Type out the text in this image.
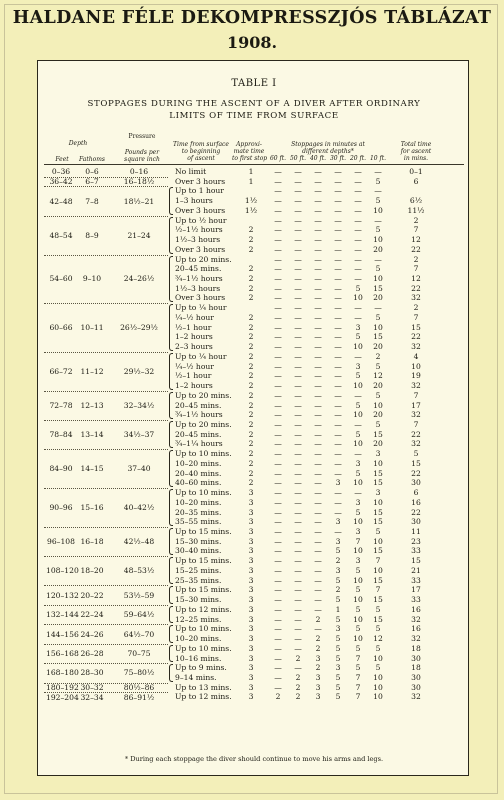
HALDANE FÉLE DEKOMPRESSZJÓS TÁBLÁZAT
1908.
TABLE I
STOPPAGES DURING THE ASCENT OF A DIVER AFTER ORDINARY
LIMITS OF TIME FROM SURFACE
Depth
Feet	Fathoms
Pressure
Pounds per
square inch
Time from surface
to beginning
of ascent
Approxi-
mate time
to first stop
Stoppages in minutes at
different depths*
60 ft. 50 ft. 40 ft. 30 ft. 20 ft. 10 ft.
Total time
for ascent
in mins.
0–36	0–6	0–16	No limit	1	—	—	—	—	—	—	0–1
36–42	6–7	16–18½	Over 3 hours	1	—	—	—	—	—	5	6
42–48	7–8	18½–21
Up to 1 hour	—	—	—	—	—	—
1–3 hours	1½	—	—	—	—	—	5	6½
Over 3 hours	1½	—	—	—	—	—	10	11½
48–54	8–9	21–24
Up to ½ hour	—	—	—	—	—	—	2
½–1½ hours	2	—	—	—	—	—	5	7
1½–3 hours	2	—	—	—	—	—	10	12
Over 3 hours	2	—	—	—	—	—	20	22
54–60	9–10	24–26½
Up to 20 mins.	—	—	—	—	—	—	2
20–45 mins.	2	—	—	—	—	—	5	7
¾–1½ hours	2	—	—	—	—	—	10	12
1½–3 hours	2	—	—	—	—	5	15	22
Over 3 hours	2	—	—	—	—	10	20	32
60–66	10–11	26½–29½
Up to ¼ hour	—	—	—	—	—	—	2
¼–½ hour	2	—	—	—	—	—	5	7
½–1 hour	2	—	—	—	—	3	10	15
1–2 hours	2	—	—	—	—	5	15	22
2–3 hours	2	—	—	—	—	10	20	32
66–72	11–12	29½–32
Up to ¼ hour	2	—	—	—	—	—	2	4
¼–½ hour	2	—	—	—	—	3	5	10
½–1 hour	2	—	—	—	—	5	12	19
1–2 hours	2	—	—	—	—	10	20	32
72–78	12–13	32–34½
Up to 20 mins.	2	—	—	—	—	—	5	7
20–45 mins.	2	—	—	—	—	5	10	17
¾–1½ hours	2	—	—	—	—	10	20	32
78–84	13–14	34½–37
Up to 20 mins.	2	—	—	—	—	—	5	7
20–45 mins.	2	—	—	—	—	5	15	22
¾–1¼ hours	2	—	—	—	—	10	20	32
84–90	14–15	37–40
Up to 10 mins.	2	—	—	—	—	—	3	5
10–20 mins.	2	—	—	—	—	3	10	15
20–40 mins.	2	—	—	—	—	5	15	22
40–60 mins.	2	—	—	—	3	10	15	30
90–96	15–16	40–42½
Up to 10 mins.	3	—	—	—	—	—	3	6
10–20 mins.	3	—	—	—	—	3	10	16
20–35 mins.	3	—	—	—	—	5	15	22
35–55 mins.	3	—	—	—	3	10	15	30
96–108 16–18	42½–48
Up to 15 mins.	3	—	—	—	—	3	5	11
15–30 mins.	3	—	—	—	3	7	10	23
30–40 mins.	3	—	—	—	5	10	15	33
108–120 18–20	48–53½
Up to 15 mins.	3	—	—	—	2	3	7	15
15–25 mins.	3	—	—	—	3	5	10	21
25–35 mins.	3	—	—	—	5	10	15	33
120–132 20–22	53½–59
Up to 15 mins.	3	—	—	—	2	5	7	17
15–30 mins.	3	—	—	—	5	10	15	33
132–144 22–24	59–64½
Up to 12 mins.	3	—	—	—	1	5	5	16
12–25 mins.	3	—	—	2	5	10	15	32
144–156 24–26	64½–70
Up to 10 mins.	3	—	—	—	3	5	5	16
10–20 mins.	3	—	—	2	5	10	12	32
156–168 26–28	70–75
Up to 10 mins.	3	—	—	2	5	5	5	18
10–16 mins.	3	—	2	3	5	7	10	30
168–180 28–30	75–80½
Up to 9 mins.	3	—	—	2	3	5	5	18
9–14 mins.	3	—	2	3	5	7	10	30
180–192 30–32	80½–86	Up to 13 mins.	3	—	2	3	5	7	10	30
192–204 32–34	86–91½	Up to 12 mins.	3	2	2	3	5	7	10	32
* During each stoppage the diver should continue to move his arms and legs.
